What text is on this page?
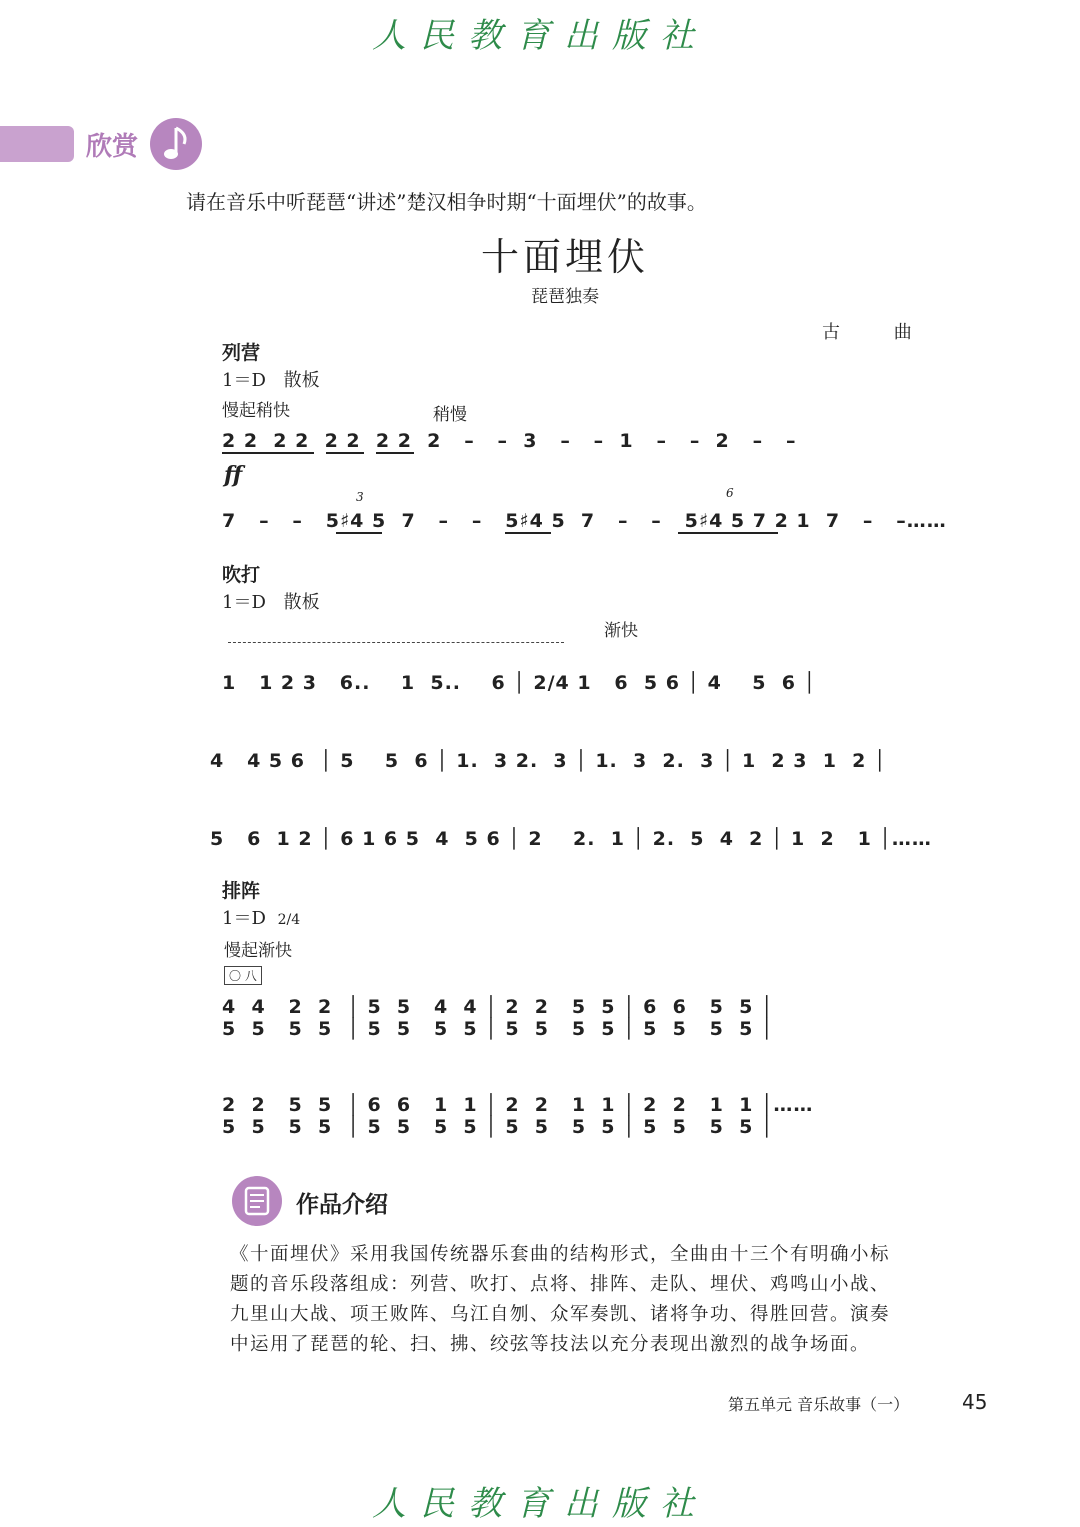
人民教育出版社
欣赏
请在音乐中听琵琶“讲述”楚汉相争时期“十面埋伏”的故事。
十面埋伏
琵琶独奏
古 曲
列营
1＝D 散板
慢起稍快	稍慢
2 2  2 2  2 2  2 2  2   –   –  3   –   –  1   –   –  2   –   –
ff
7   –   –   5♯4 5  7   –   –   5♯4 5  7   –   –   5♯4 5 7 2 1  7   –   –……
3	6
吹打
1＝D 散板
渐快
1   1 2 3   6..    1  5..    6 │ 2/4 1   6  5 6 │ 4    5  6 │
4   4 5 6  │ 5    5  6 │ 1.  3 2.  3 │ 1.  3  2.  3 │ 1  2 3  1  2 │
5   6  1 2 │ 6 1 6 5  4  5 6 │ 2    2.  1 │ 2.  5  4  2 │ 1  2   1 │……
排阵
1＝D 2/4
慢起渐快
〇 八
4  4   2  2  │ 5  5   4  4 │ 2  2   5  5 │ 6  6   5  5 │
5  5   5  5  │ 5  5   5  5 │ 5  5   5  5 │ 5  5   5  5 │
2  2   5  5  │ 6  6   1  1 │ 2  2   1  1 │ 2  2   1  1 │……
5  5   5  5  │ 5  5   5  5 │ 5  5   5  5 │ 5  5   5  5 │
作品介绍
《十面埋伏》采用我国传统器乐套曲的结构形式，全曲由十三个有明确小标题的音乐段落组成：列营、吹打、点将、排阵、走队、埋伏、鸡鸣山小战、九里山大战、项王败阵、乌江自刎、众军奏凯、诸将争功、得胜回营。演奏中运用了琵琶的轮、扫、拂、绞弦等技法以充分表现出激烈的战争场面。
第五单元 音乐故事（一）	45
人民教育出版社
